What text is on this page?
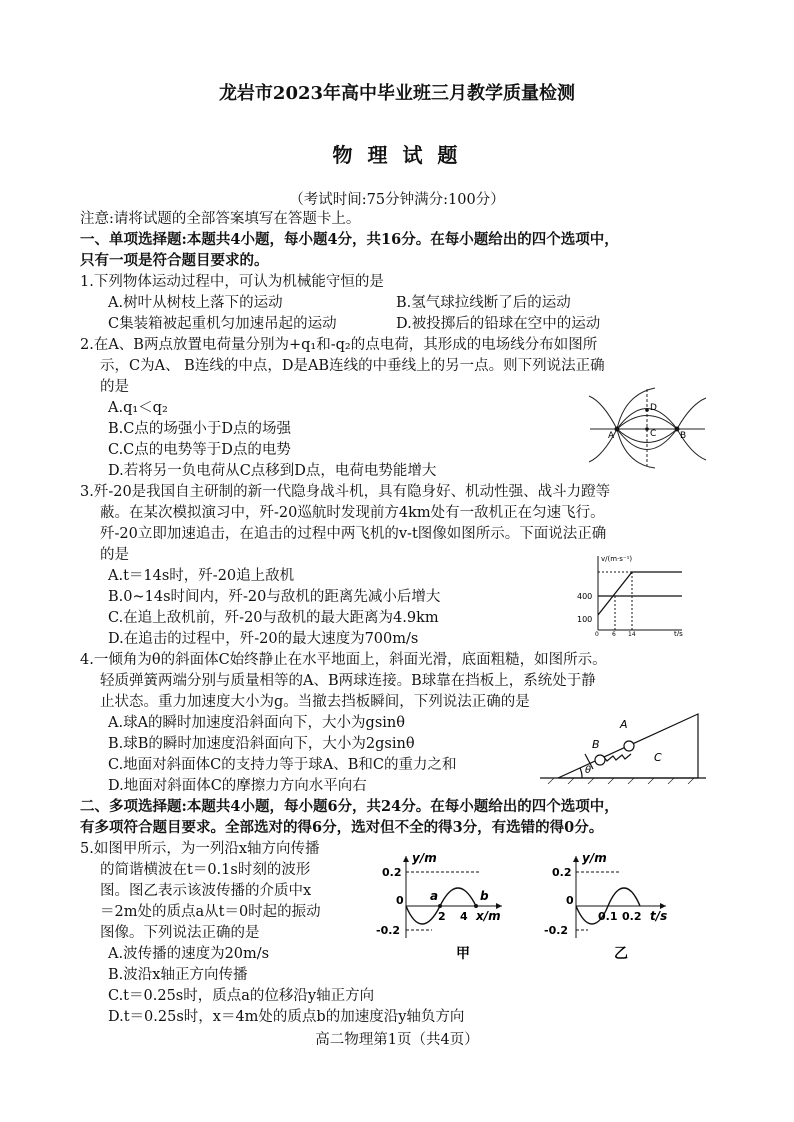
龙岩市2023年高中毕业班三月教学质量检测
物 理 试 题
（考试时间:75分钟满分:100分）
注意:请将试题的全部答案填写在答题卡上。
一、单项选择题:本题共4小题，每小题4分，共16分。在每小题给出的四个选项中，
只有一项是符合题目要求的。
1.下列物体运动过程中，可认为机械能守恒的是
A.树叶从树枝上落下的运动	B.氢气球拉线断了后的运动
C集装箱被起重机匀加速吊起的运动	D.被投掷后的铅球在空中的运动
2.在A、B两点放置电荷量分别为+q₁和-q₂的点电荷，其形成的电场线分布如图所
示，C为A、 B连线的中点，D是AB连线的中垂线上的另一点。则下列说法正确
的是
A.q₁＜q₂
B.C点的场强小于D点的场强
C.C点的电势等于D点的电势
D.若将另一负电荷从C点移到D点，电荷电势能增大
A	B
C
D
3.歼-20是我国自主研制的新一代隐身战斗机，具有隐身好、机动性强、战斗力蹬等
蔽。在某次模拟演习中，歼-20巡航时发现前方4km处有一敌机正在匀速飞行。
歼-20立即加速追击，在追击的过程中两飞机的v-t图像如图所示。下面说法正确
的是
A.t＝14s时，歼-20追上敌机
B.0~14s时间内，歼-20与敌机的距离先减小后增大
C.在追上敌机前，歼-20与敌机的最大距离为4.9km
D.在追击的过程中，歼-20的最大速度为700m/s
v/(m·s⁻¹)
t/s
400
100
0 6 14
4.一倾角为θ的斜面体C始终静止在水平地面上，斜面光滑，底面粗糙，如图所示。
轻质弹簧两端分别与质量相等的A、B两球连接。B球靠在挡板上，系统处于静
止状态。重力加速度大小为g。当撤去挡板瞬间，下列说法正确的是
A.球A的瞬时加速度沿斜面向下，大小为gsinθ
B.球B的瞬时加速度沿斜面向下，大小为2gsinθ
C.地面对斜面体C的支持力等于球A、B和C的重力之和
D.地面对斜面体C的摩擦力方向水平向右
B
A
C
θ
二、多项选择题:本题共4小题，每小题6分，共24分。在每小题给出的四个选项中，
有多项符合题目要求。全部选对的得6分，选对但不全的得3分，有选错的得0分。
5.如图甲所示，为一列沿x轴方向传播
的简谐横波在t＝0.1s时刻的波形
图。图乙表示该波传播的介质中x
＝2m处的质点a从t＝0时起的振动
图像。下列说法正确的是
A.波传播的速度为20m/s
B.波沿x轴正方向传播
C.t＝0.25s时，质点a的位移沿y轴正方向
D.t＝0.25s时，x＝4m处的质点b的加速度沿y轴负方向
y/m
x/m
0.2
-0.2
0
2 4
a	b
甲
y/m
t/s
0.2
-0.2
0
0.1 0.2
乙
高二物理第1页（共4页）
